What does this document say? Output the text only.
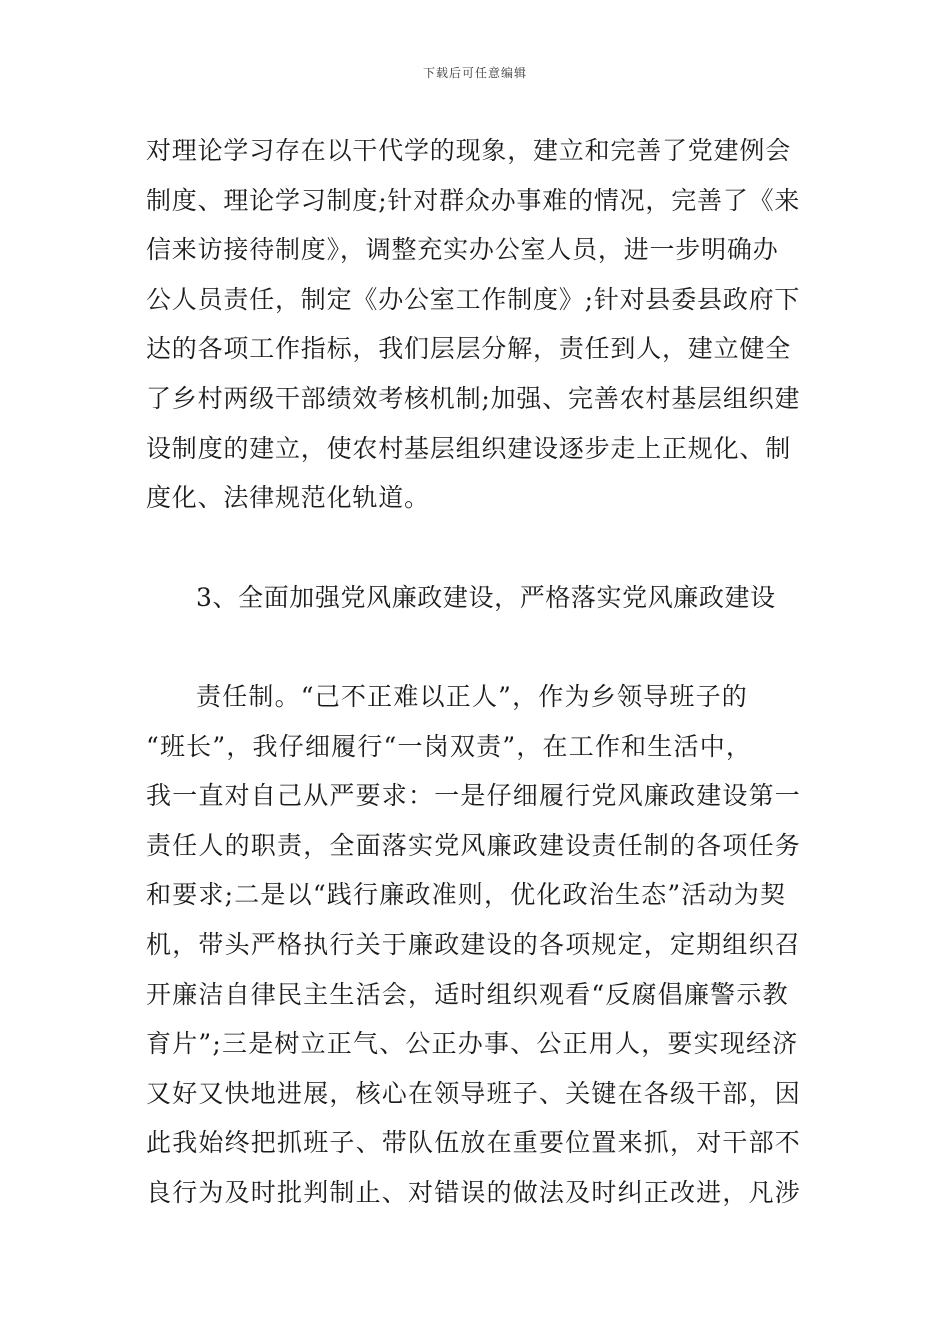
下载后可任意编辑
对理论学习存在以干代学的现象，建立和完善了党建例会
制度、理论学习制度;针对群众办事难的情况，完善了《来
信来访接待制度》，调整充实办公室人员，进一步明确办
公人员责任，制定《办公室工作制度》;针对县委县政府下
达的各项工作指标，我们层层分解，责任到人，建立健全
了乡村两级干部绩效考核机制;加强、完善农村基层组织建
设制度的建立，使农村基层组织建设逐步走上正规化、制
度化、法律规范化轨道。
3、全面加强党风廉政建设，严格落实党风廉政建设
责任制。“己不正难以正人”，作为乡领导班子的
“班长”，我仔细履行“一岗双责”，在工作和生活中，
我一直对自己从严要求：一是仔细履行党风廉政建设第一
责任人的职责，全面落实党风廉政建设责任制的各项任务
和要求;二是以“践行廉政准则，优化政治生态”活动为契
机，带头严格执行关于廉政建设的各项规定，定期组织召
开廉洁自律民主生活会，适时组织观看“反腐倡廉警示教
育片”;三是树立正气、公正办事、公正用人，要实现经济
又好又快地进展，核心在领导班子、关键在各级干部，因
此我始终把抓班子、带队伍放在重要位置来抓，对干部不
良行为及时批判制止、对错误的做法及时纠正改进，凡涉
